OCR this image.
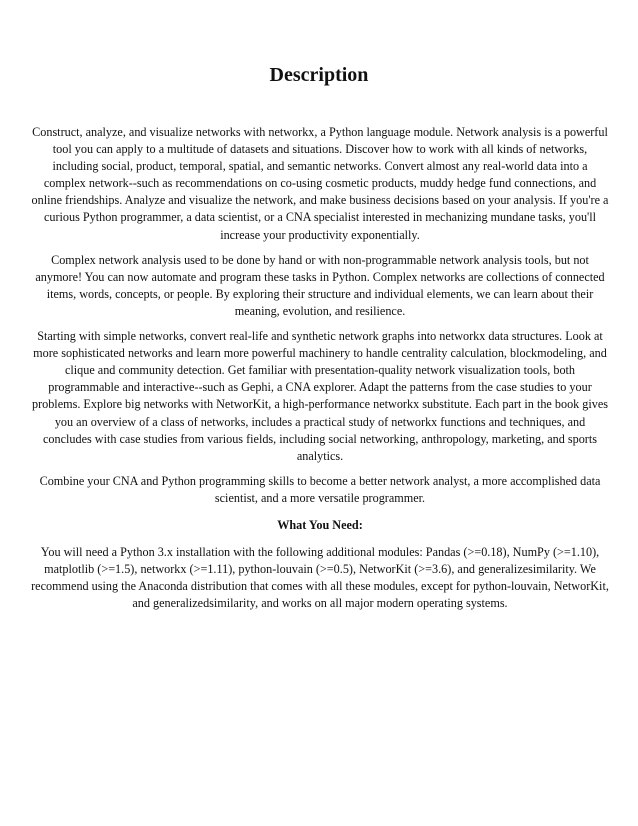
Description

Construct, analyze, and visualize networks with networkx, a Python language module. Network analysis is a powerful tool you can apply to a multitude of datasets and situations. Discover how to work with all kinds of networks, including social, product, temporal, spatial, and semantic networks. Convert almost any real-world data into a complex network--such as recommendations on co-using cosmetic products, muddy hedge fund connections, and online friendships. Analyze and visualize the network, and make business decisions based on your analysis. If you're a curious Python programmer, a data scientist, or a CNA specialist interested in mechanizing mundane tasks, you'll increase your productivity exponentially.

Complex network analysis used to be done by hand or with non-programmable network analysis tools, but not anymore! You can now automate and program these tasks in Python. Complex networks are collections of connected items, words, concepts, or people. By exploring their structure and individual elements, we can learn about their meaning, evolution, and resilience.

Starting with simple networks, convert real-life and synthetic network graphs into networkx data structures. Look at more sophisticated networks and learn more powerful machinery to handle centrality calculation, blockmodeling, and clique and community detection. Get familiar with presentation-quality network visualization tools, both programmable and interactive--such as Gephi, a CNA explorer. Adapt the patterns from the case studies to your problems. Explore big networks with NetworKit, a high-performance networkx substitute. Each part in the book gives you an overview of a class of networks, includes a practical study of networkx functions and techniques, and concludes with case studies from various fields, including social networking, anthropology, marketing, and sports analytics.

Combine your CNA and Python programming skills to become a better network analyst, a more accomplished data scientist, and a more versatile programmer.

What You Need:

You will need a Python 3.x installation with the following additional modules: Pandas (>=0.18), NumPy (>=1.10), matplotlib (>=1.5), networkx (>=1.11), python-louvain (>=0.5), NetworKit (>=3.6), and generalizesimilarity. We recommend using the Anaconda distribution that comes with all these modules, except for python-louvain, NetworKit, and generalizedsimilarity, and works on all major modern operating systems.
